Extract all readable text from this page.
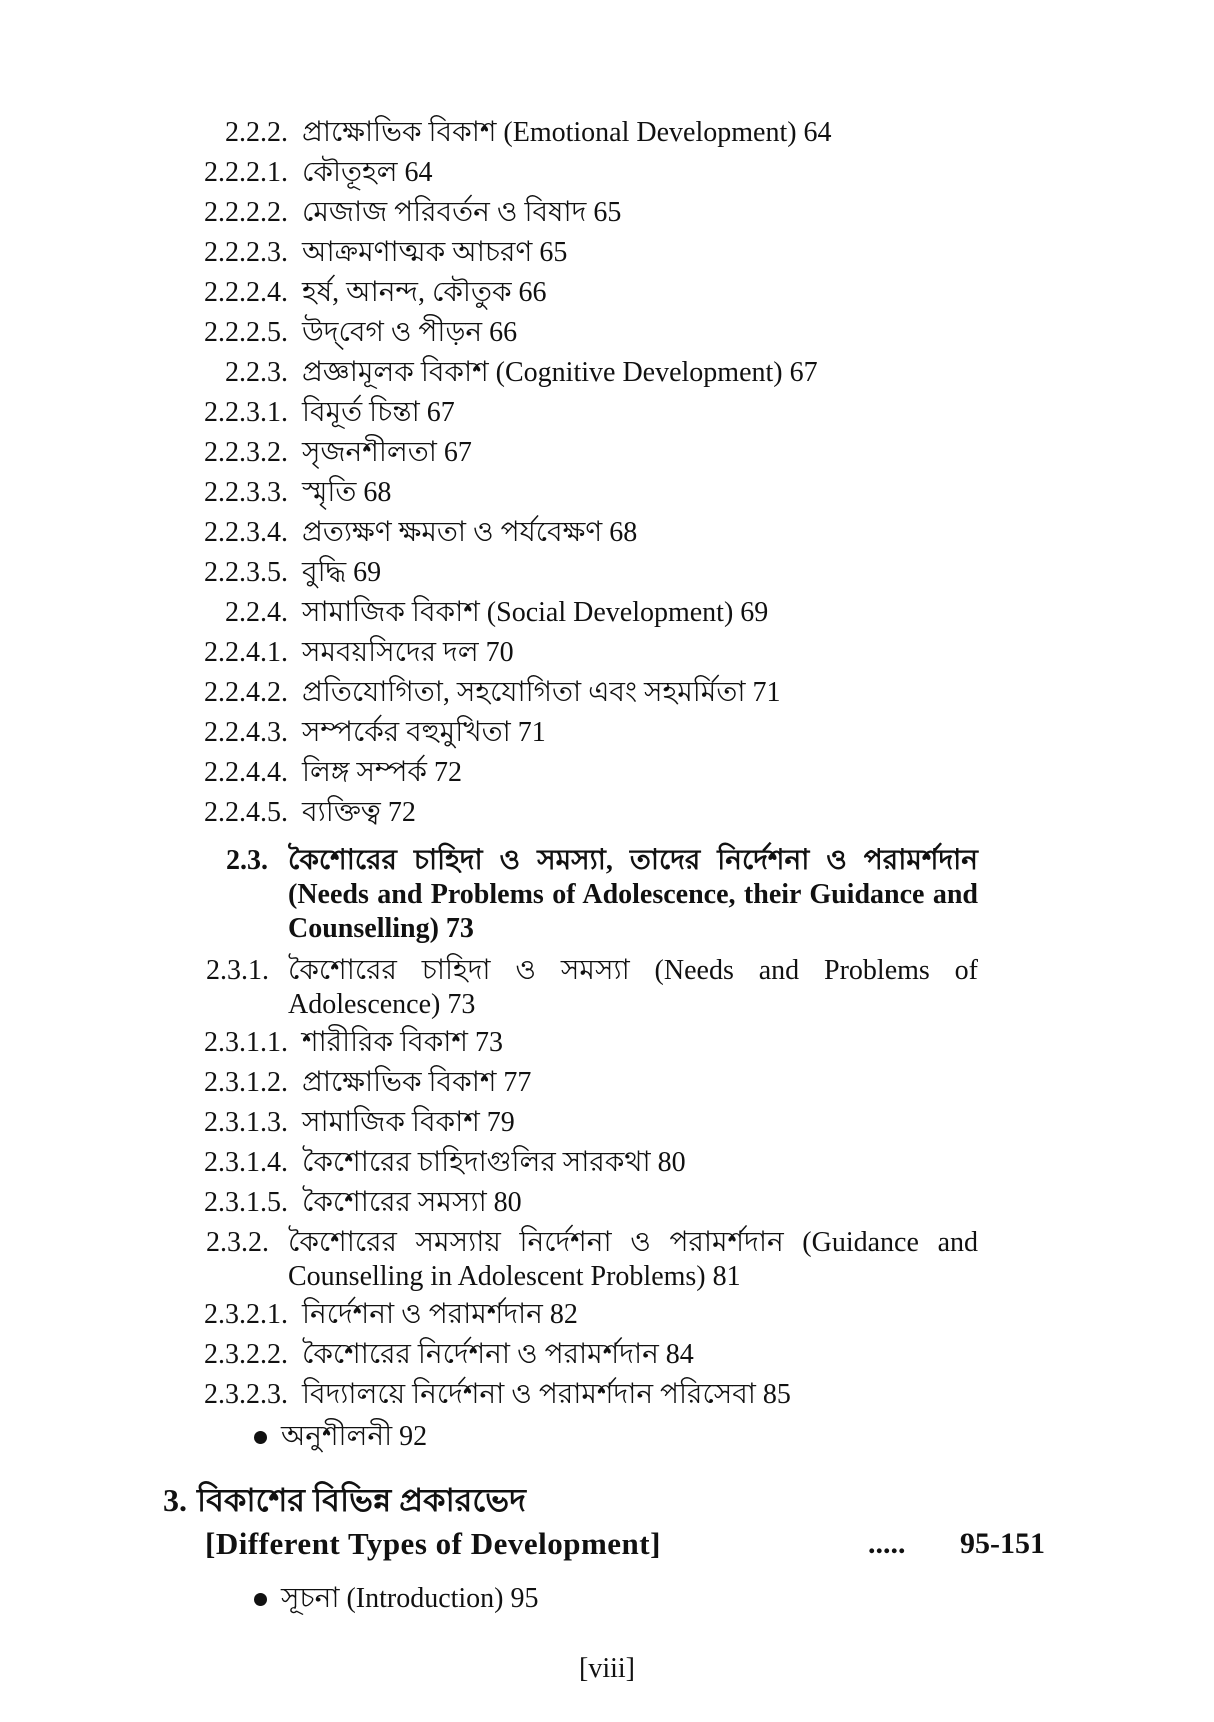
2.2.2. প্রাক্ষোভিক বিকাশ (Emotional Development) 64
2.2.2.1. কৌতূহল 64
2.2.2.2. মেজাজ পরিবর্তন ও বিষাদ 65
2.2.2.3. আক্রমণাত্মক আচরণ 65
2.2.2.4. হর্ষ, আনন্দ, কৌতুক 66
2.2.2.5. উদ্‌বেগ ও পীড়ন 66
2.2.3. প্রজ্ঞামূলক বিকাশ (Cognitive Development) 67
2.2.3.1. বিমূর্ত চিন্তা 67
2.2.3.2. সৃজনশীলতা 67
2.2.3.3. স্মৃতি 68
2.2.3.4. প্রত্যক্ষণ ক্ষমতা ও পর্যবেক্ষণ 68
2.2.3.5. বুদ্ধি 69
2.2.4. সামাজিক বিকাশ (Social Development) 69
2.2.4.1. সমবয়সিদের দল 70
2.2.4.2. প্রতিযোগিতা, সহযোগিতা এবং সহমর্মিতা 71
2.2.4.3. সম্পর্কের বহুমুখিতা 71
2.2.4.4. লিঙ্গ সম্পর্ক 72
2.2.4.5. ব্যক্তিত্ব 72
2.3. কৈশোরের চাহিদা ও সমস্যা, তাদের নির্দেশনা ও পরামর্শদান (Needs and Problems of Adolescence, their Guidance and Counselling) 73
2.3.1. কৈশোরের চাহিদা ও সমস্যা (Needs and Problems of Adolescence) 73
2.3.1.1. শারীরিক বিকাশ 73
2.3.1.2. প্রাক্ষোভিক বিকাশ 77
2.3.1.3. সামাজিক বিকাশ 79
2.3.1.4. কৈশোরের চাহিদাগুলির সারকথা 80
2.3.1.5. কৈশোরের সমস্যা 80
2.3.2. কৈশোরের সমস্যায় নির্দেশনা ও পরামর্শদান (Guidance and Counselling in Adolescent Problems) 81
2.3.2.1. নির্দেশনা ও পরামর্শদান 82
2.3.2.2. কৈশোরের নির্দেশনা ও পরামর্শদান 84
2.3.2.3. বিদ্যালয়ে নির্দেশনা ও পরামর্শদান পরিসেবা 85
অনুশীলনী 92
3. বিকাশের বিভিন্ন প্রকারভেদ
[Different Types of Development]	..... 95-151
সূচনা (Introduction) 95
[viii]
